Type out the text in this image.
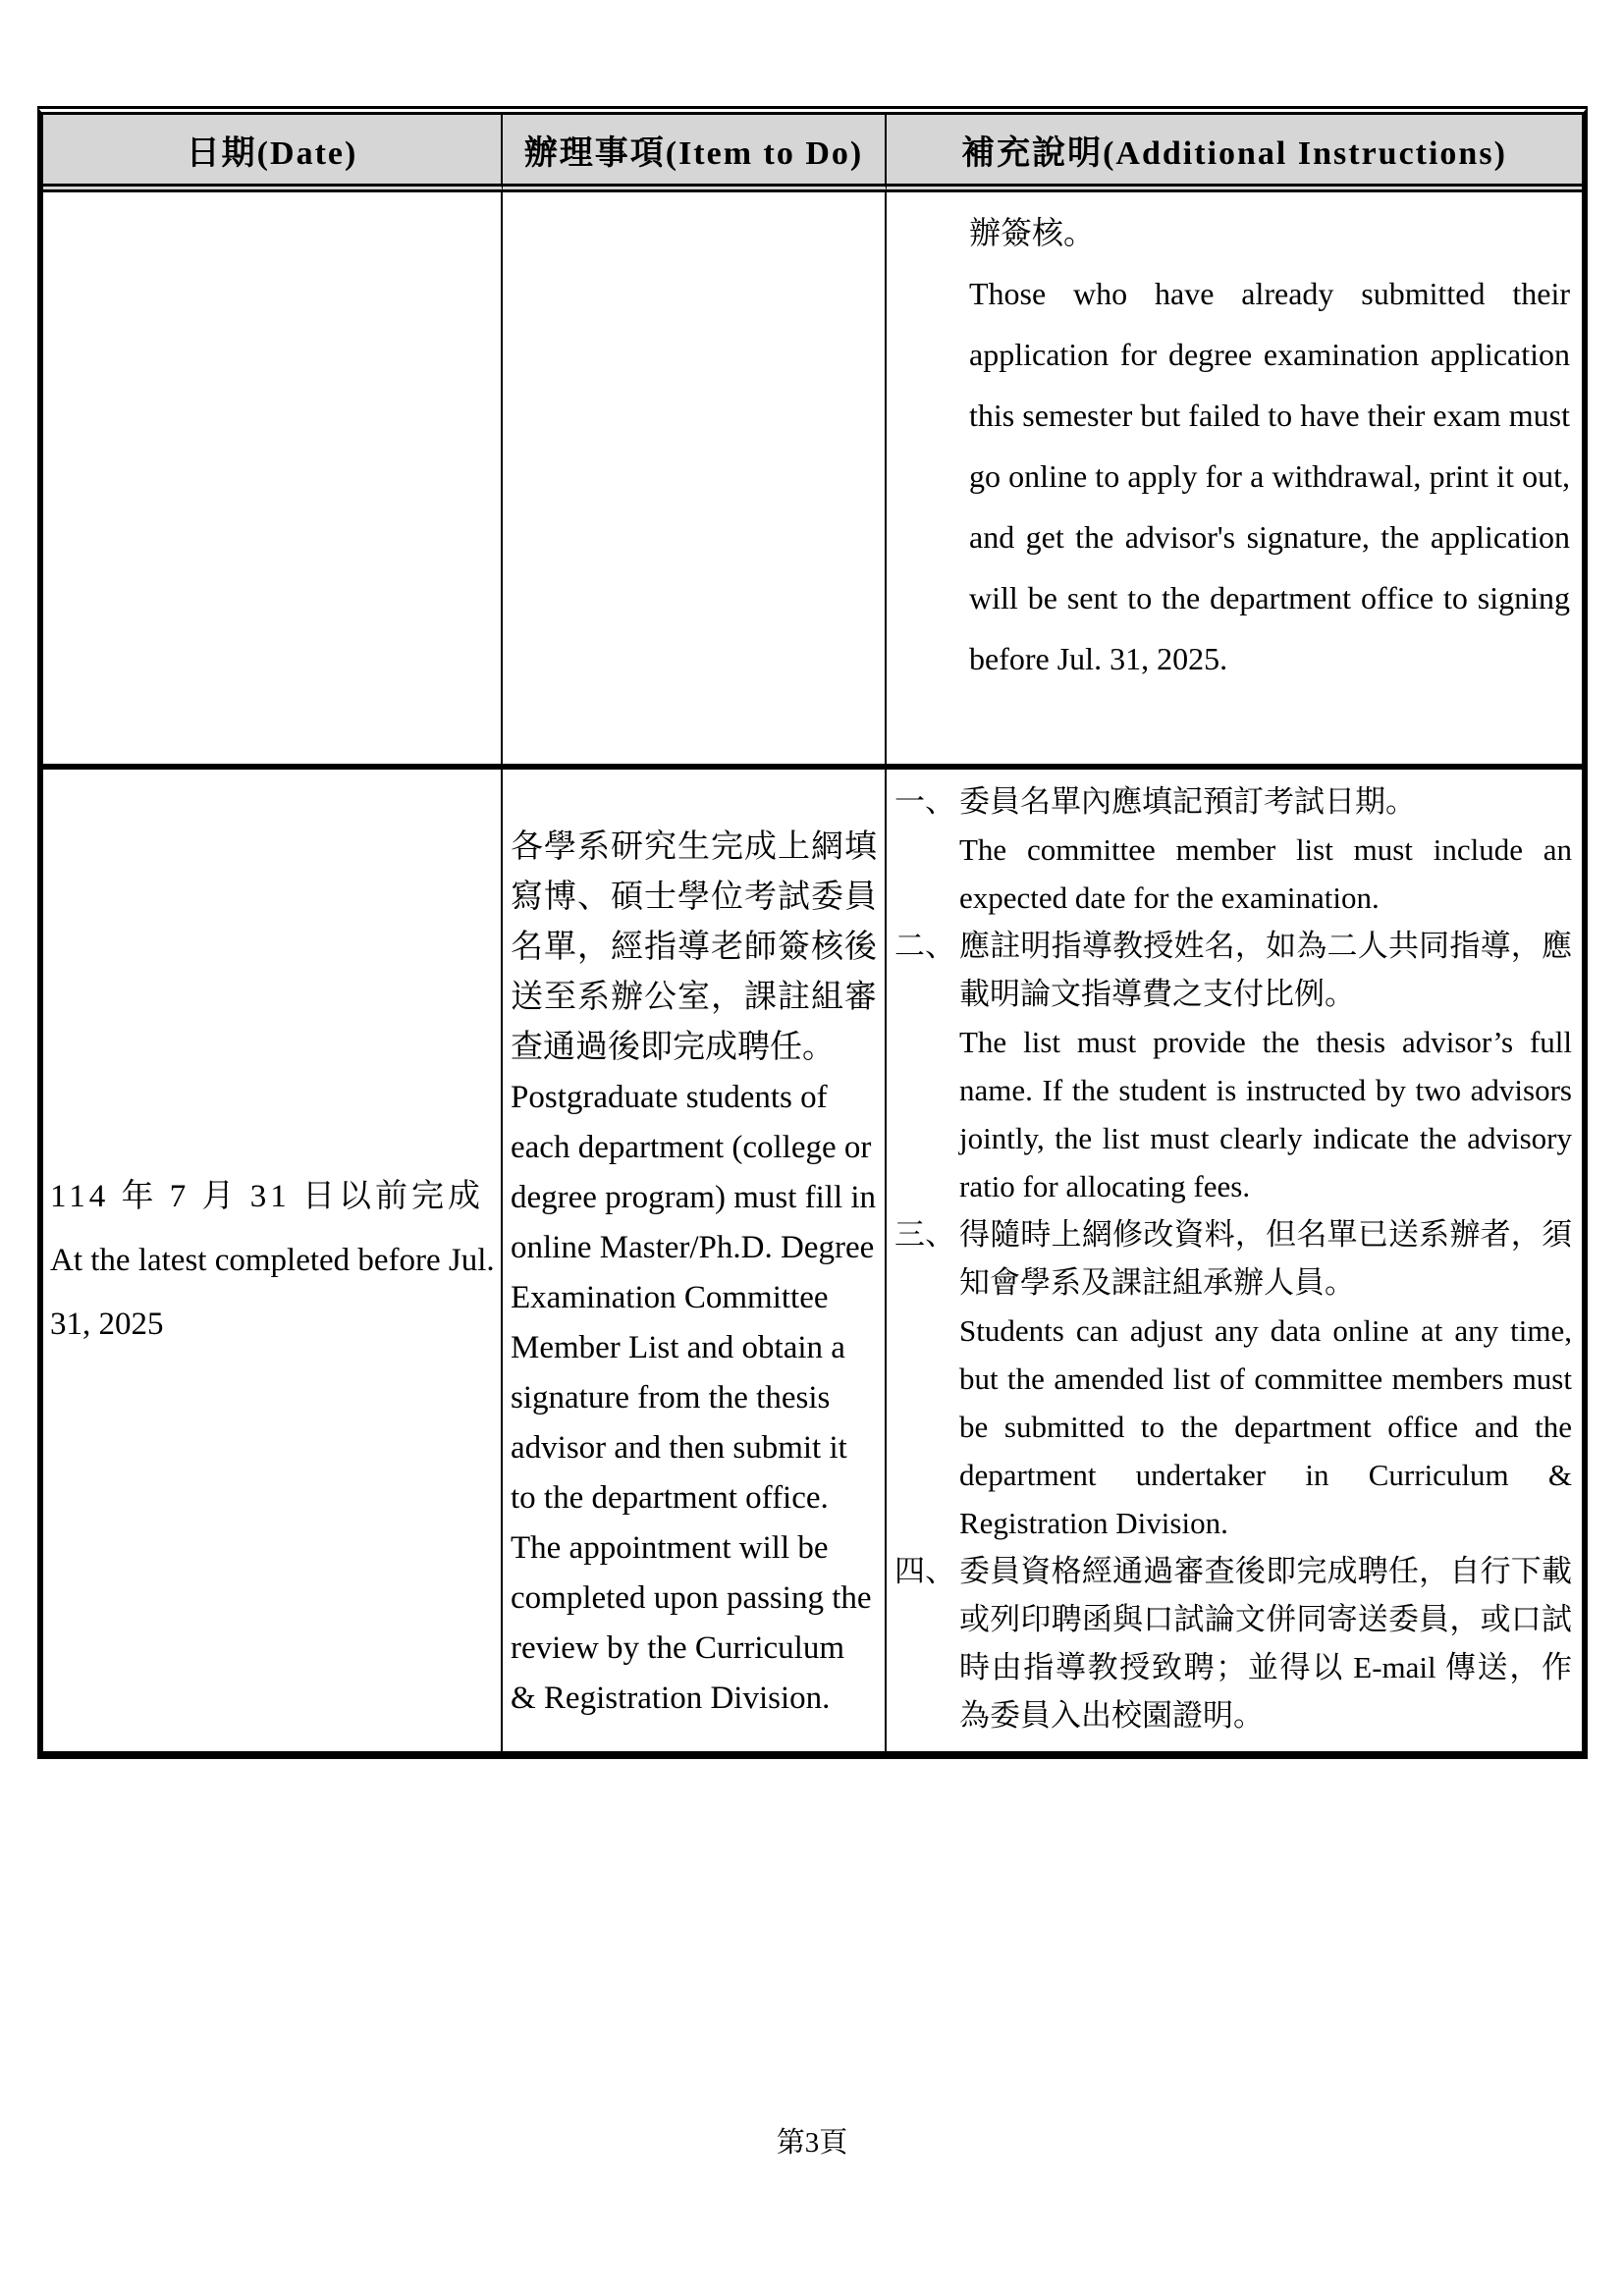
日期(Date)	辦理事項(Item to Do)	補充說明(Additional Instructions)

辦簽核。

Those who have already submitted their application for degree examination application this semester but failed to have their exam must go online to apply for a withdrawal, print it out, and get the advisor's signature, the application will be sent to the department office to signing before Jul. 31, 2025.

114 年 7 月 31 日以前完成

At the latest completed before Jul. 31, 2025

各學系研究生完成上網填寫博、碩士學位考試委員名單，經指導老師簽核後送至系辦公室，課註組審查通過後即完成聘任。

Postgraduate students of each department (college or degree program) must fill in online Master/Ph.D. Degree Examination Committee Member List and obtain a signature from the thesis advisor and then submit it to the department office. The appointment will be completed upon passing the review by the Curriculum & Registration Division.

一、 委員名單內應填記預訂考試日期。

The committee member list must include an expected date for the examination.

二、 應註明指導教授姓名，如為二人共同指導，應載明論文指導費之支付比例。

The list must provide the thesis advisor’s full name. If the student is instructed by two advisors jointly, the list must clearly indicate the advisory ratio for allocating fees.

三、 得隨時上網修改資料，但名單已送系辦者，須知會學系及課註組承辦人員。

Students can adjust any data online at any time, but the amended list of committee members must be submitted to the department office and the department undertaker in Curriculum & Registration Division.

四、 委員資格經通過審查後即完成聘任，自行下載或列印聘函與口試論文併同寄送委員，或口試時由指導教授致聘；並得以 E-mail 傳送，作為委員入出校園證明。

第3頁
